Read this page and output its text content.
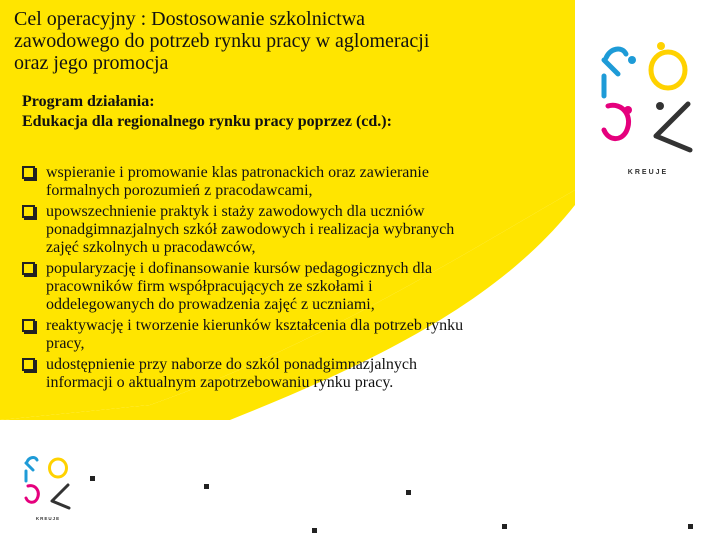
Cel operacyjny : Dostosowanie szkolnictwa
zawodowego do potrzeb rynku pracy w aglomeracji
oraz jego promocja
Program działania:
Edukacja dla regionalnego rynku pracy poprzez (cd.):
wspieranie i promowanie klas patronackich oraz zawieranie
formalnych porozumień z pracodawcami,
upowszechnienie praktyk i staży zawodowych dla uczniów
ponadgimnazjalnych szkół zawodowych i realizacja wybranych
zajęć szkolnych u pracodawców,
popularyzację i dofinansowanie kursów pedagogicznych dla
pracowników firm współpracujących ze szkołami i
oddelegowanych do prowadzenia zajęć z uczniami,
reaktywację i tworzenie kierunków kształcenia dla potrzeb rynku
pracy,
udostępnienie przy naborze do szkól ponadgimnazjalnych
informacji o aktualnym zapotrzebowaniu rynku pracy.
KREUJE
KREUJE
